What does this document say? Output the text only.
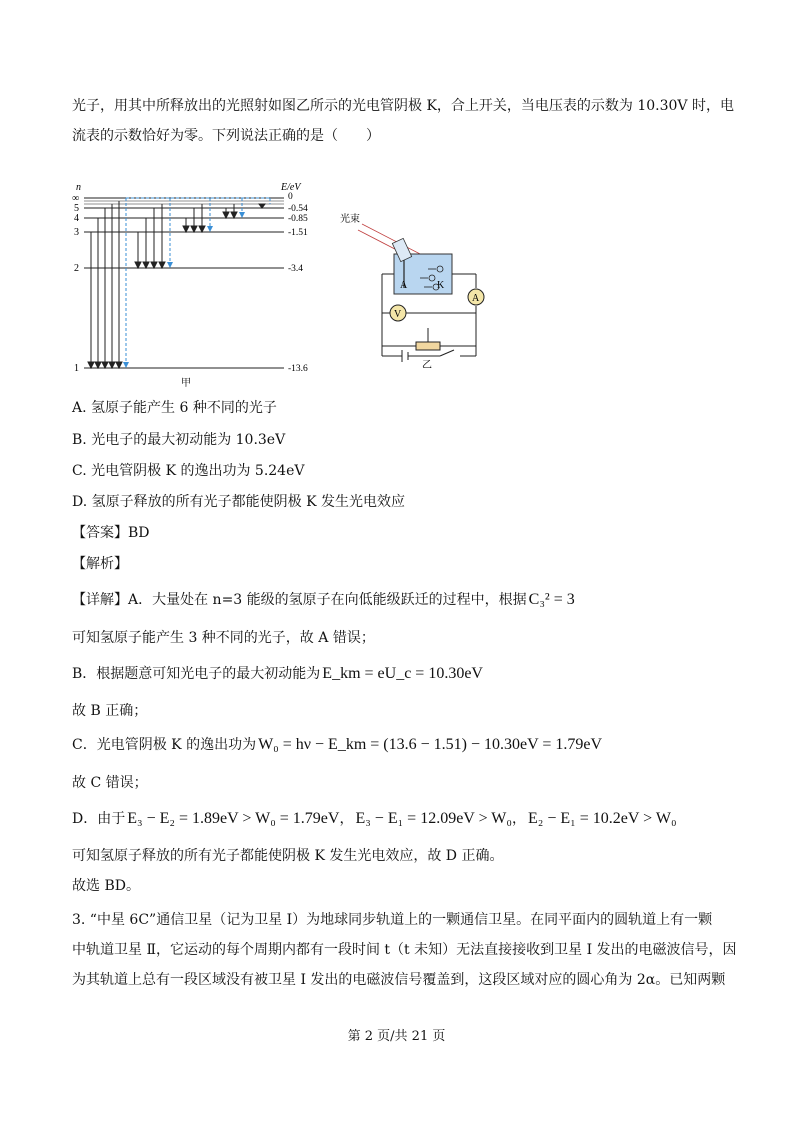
光子，用其中所释放出的光照射如图乙所示的光电管阴极 K，合上开关，当电压表的示数为 10.30V 时，电
流表的示数恰好为零。下列说法正确的是（　　）
n	E/eV
∞
5
4
3
2
1
0
-0.54
-0.85
-1.51
-3.4
-13.6
甲
光束
A	K
V
A
乙
A. 氢原子能产生 6 种不同的光子
B. 光电子的最大初动能为 10.3eV
C. 光电管阴极 K 的逸出功为 5.24eV
D. 氢原子释放的所有光子都能使阴极 K 发生光电效应
【答案】BD
【解析】
【详解】A．大量处在 n=3 能级的氢原子在向低能级跃迁的过程中，根据 C₃² = 3
可知氢原子能产生 3 种不同的光子，故 A 错误；
B．根据题意可知光电子的最大初动能为 E_km = eU_c = 10.30eV
故 B 正确；
C．光电管阴极 K 的逸出功为 W₀ = hν − E_km = (13.6 − 1.51) − 10.30eV = 1.79eV
故 C 错误；
D．由于 E₃ − E₂ = 1.89eV > W₀ = 1.79eV， E₃ − E₁ = 12.09eV > W₀， E₂ − E₁ = 10.2eV > W₀
可知氢原子释放的所有光子都能使阴极 K 发生光电效应，故 D 正确。
故选 BD。
3. “中星 6C”通信卫星（记为卫星 I）为地球同步轨道上的一颗通信卫星。在同平面内的圆轨道上有一颗
中轨道卫星 Ⅱ，它运动的每个周期内都有一段时间 t（t 未知）无法直接接收到卫星 I 发出的电磁波信号，因
为其轨道上总有一段区域没有被卫星 I 发出的电磁波信号覆盖到，这段区域对应的圆心角为 2α。已知两颗
第 2 页/共 21 页
